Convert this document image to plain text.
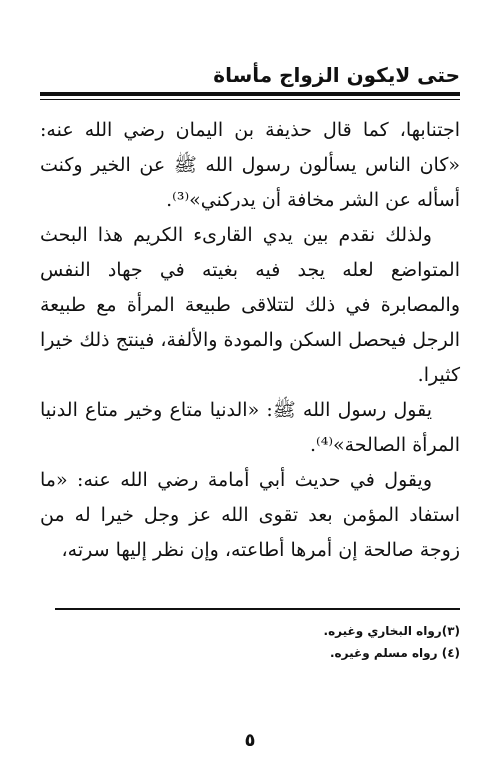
حتى لايكون الزواج مأساة

اجتنابها، كما قال حذيفة بن اليمان رضي الله عنه: «كان الناس يسألون رسول الله ﷺ عن الخير وكنت أسأله عن الشر مخافة أن يدركني»⁽³⁾.

ولذلك نقدم بين يدي القارىء الكريم هذا البحث المتواضع لعله يجد فيه بغيته في جهاد النفس والمصابرة في ذلك لتتلاقى طبيعة المرأة مع طبيعة الرجل فيحصل السكن والمودة والألفة، فينتج ذلك خيرا كثيرا.

يقول رسول الله ﷺ: «الدنيا متاع وخير متاع الدنيا المرأة الصالحة»⁽⁴⁾.

ويقول في حديث أبي أمامة رضي الله عنه: «ما استفاد المؤمن بعد تقوى الله عز وجل خيرا له من زوجة صالحة إن أمرها أطاعته، وإن نظر إليها سرته،

(٣)رواه البخاري وغيره.
(٤) رواه مسلم وغيره.
٥
